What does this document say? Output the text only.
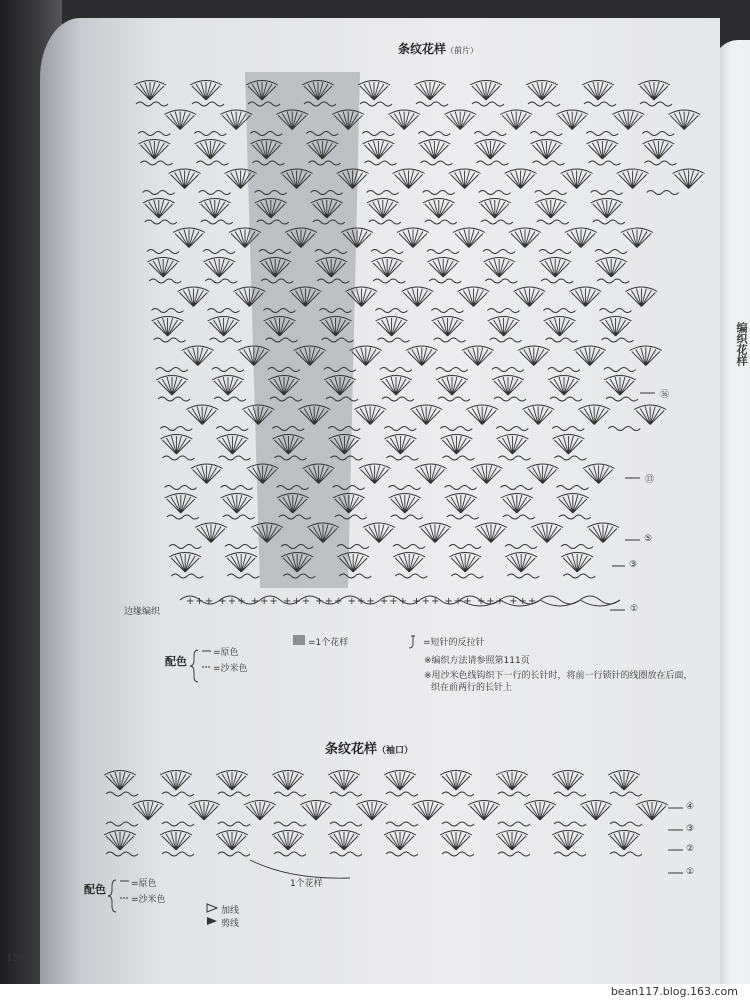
编织花样
条纹花样（前片）
⑯
⑬
⑤
③
①
边缘编织
+++ +++ +++ +++ +++ +++ +++ +++ +++ +++ +++
配色
=原色
=沙米色
=1个花样	=短针的反拉针
※编织方法请参照第111页
※用沙米色线钩织下一行的长针时，将前一行锁针的线圈放在后面，
织在前两行的长针上
条纹花样（袖口）
④
③
②
①
1个花样
配色	=原色
=沙米色
加线
剪线
138
bean117.blog.163.com
